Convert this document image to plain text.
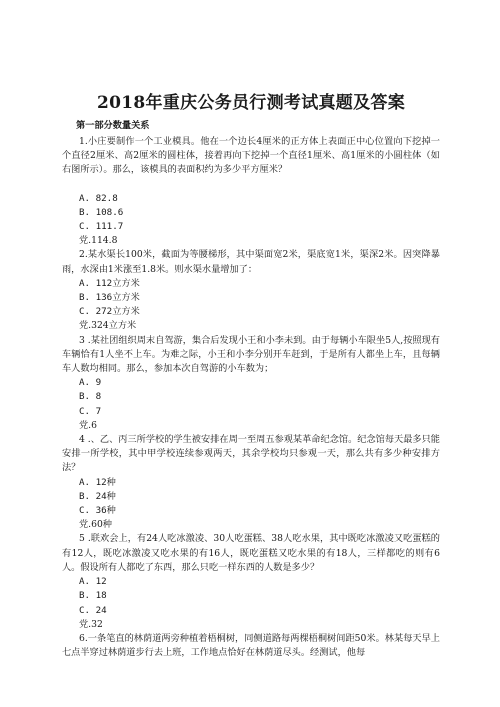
2018年重庆公务员行测考试真题及答案
第一部分数量关系

1.小庄要制作一个工业模具。他在一个边长4厘米的正方体上表面正中心位置向下挖掉一个直径2厘米、高2厘米的圆柱体，接着再向下挖掉一个直径1厘米、高1厘米的小圆柱体（如右图所示）。那么，该模具的表面积约为多少平方厘米？

A. 82.8
B. 108.6
C. 111.7
党.114.8

2.某水渠长100米，截面为等腰梯形，其中渠面宽2米，渠底宽1米，渠深2米。因突降暴雨，水深由1米涨至1.8米。则水渠水量增加了：

A. 112立方米
B. 136立方米
C. 272立方米
党.324立方米

3 .某社团组织周末自驾游，集合后发现小王和小李未到。由于每辆小车限坐5人,按照现有车辆恰有1人坐不上车。为难之际，小王和小李分别开车赶到，于是所有人都坐上车，且每辆车人数均相同。那么，参加本次自驾游的小车数为；

A. 9
B. 8
C. 7
党.6

4 .、乙、丙三所学校的学生被安排在周一至周五参观某革命纪念馆。纪念馆每天最多只能安排一所学校，其中甲学校连续参观两天，其余学校均只参观一天，那么共有多少种安排方法？

A. 12种
B. 24种
C. 36种
党.60种

5 .联欢会上，有24人吃冰激凌、30人吃蛋糕、38人吃水果，其中既吃冰激凌又吃蛋糕的有12人，既吃冰激凌又吃水果的有16人，既吃蛋糕又吃水果的有18人，三样都吃的则有6人。假设所有人都吃了东西，那么只吃一样东西的人数是多少？

A. 12
B. 18
C. 24
党.32

6.一条笔直的林荫道两旁种植着梧桐树，同侧道路每两棵梧桐树间距50米。林某每天早上七点半穿过林荫道步行去上班，工作地点恰好在林荫道尽头。经测试，他每
